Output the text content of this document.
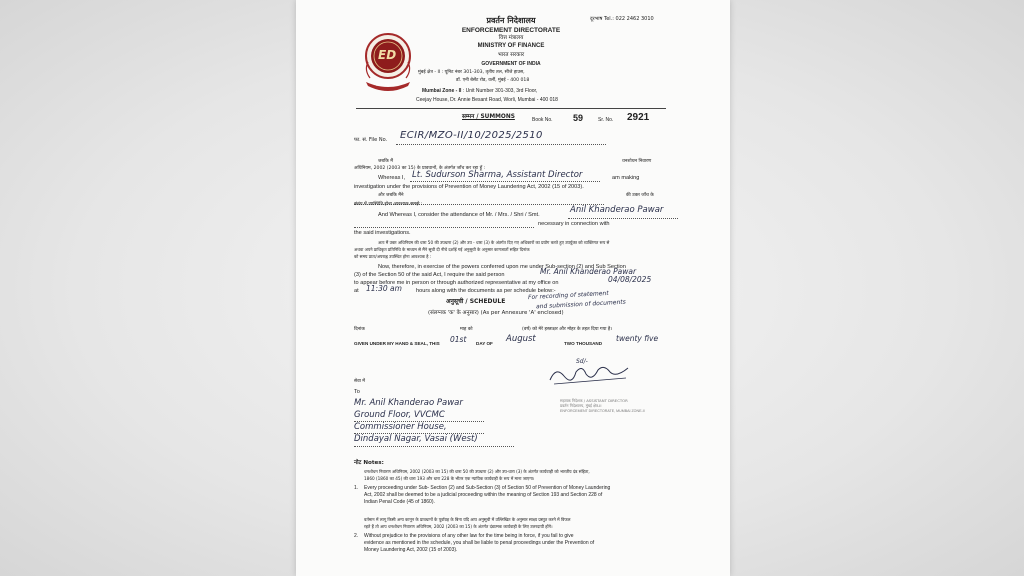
ED
प्रवर्तन निदेशालय
प्रवर्तन निदेशालय
ENFORCEMENT DIRECTORATE
वित्त मंत्रालय
MINISTRY OF FINANCE
भारत सरकार
GOVERNMENT OF INDIA
दूरभाष Tel.: 022 2462 3010
मुंबई क्षेत्र - II : यूनिट नंबर 301-303, तृतीय तल, सीजे हाउस,
डॉ. एनी बेसेंट रोड, वर्ली, मुंबई - 400 018
Mumbai Zone - II : Unit Number 301-303, 3rd Floor,
Ceejay House, Dr. Annie Besant Road, Worli, Mumbai - 400 018
सम्मन / SUMMONS	Book No. 59	Sr. No. 2921
फा. सं. File No. ECIR/MZO-II/10/2025/2510
जबकि मैं	धनशोधन निवारण
अधिनियम, 2002 (2003 का 15) के प्रावधानों, के अंतर्गत जाँच कर रहा हूँ :
Whereas I, Lt. Sudurson Sharma, Assistant Director	am making
investigation under the provisions of Prevention of Money Laundering Act, 2002 (15 of 2003).
और जबकि मैंने	की उक्त जाँच के
संबंध में उपस्थिति होना आवश्यक समझे :
And Whereas I, consider the attendance of Mr. / Mrs. / Shri / Smt.	Anil Khanderao Pawar
necessary in connection with
the said investigations.
अतः मैं उक्त अधिनियम की धारा 50 की उपधारा (2) और उप - धारा (3) के अंतर्गत दिए गए अधिकारों का प्रयोग करते हुए उपर्युक्त को व्यक्तिगत रूप से
अथवा अपने प्राधिकृत प्रतिनिधि के माध्यम से मैंने सूची दी नीचे दर्शाई गई अनुसूची के अनुसार कागजातों सहित दिनांक
को समय प्रातः/अपराह्न उपस्थित होना आवश्यक है :
Now, therefore, in exercise of the powers conferred upon me under Sub-section (2) and Sub Section
(3) of the Section 50 of the said Act, I require the said person	Mr. Anil Khanderao Pawar
to appear before me in person or through authorized representative at my office on	04/08/2025
at 11:30 am	hours along with the documents as per schedule below:-
अनुसूची / SCHEDULE
For recording of statement
and submission of documents
(संलग्नक 'क' के अनुसार) (As per Annexure 'A' enclosed)
दिनांक	माह को	(वर्ष) को मेरे हस्ताक्षर और मोहर के तहत दिया गया है।
GIVEN UNDER MY HAND & SEAL, THIS 01st DAY OF August	TWO THOUSAND
twenty five
Sd/-
सहायक निदेशक / ASSISTANT DIRECTOR
प्रवर्तन निदेशालय, मुंबई क्षेत्र-II
ENFORCEMENT DIRECTORATE, MUMBAI ZONE-II
सेवा में
To
Mr. Anil Khanderao Pawar
Ground Floor, VVCMC
Commissioner House,
Dindayal Nagar, Vasai (West)
नोट Notes:
धनशोधन निवारण अधिनियम, 2002 (2003 का 15) की धारा 50 की उपधारा (2) और उप-धारा (3) के अंतर्गत कार्यवाही को भारतीय दंड संहिता,
1860 (1860 का 45) की धारा 193 और धारा 228 के भीतर एक न्यायिक कार्यवाही के रूप में माना जाएगा।
1. Every proceeding under Sub- Section (2) and Sub-Section (3) of Section 50 of Prevention of Money Laundering
Act, 2002 shall be deemed to be a judicial proceeding within the meaning of Section 193 and Section 228 of
Indian Penal Code (45 of 1860).
वर्तमान में लागू किसी अन्य कानून के प्रावधानों के पूर्वाग्रह के बिना यदि आप अनुसूची में उल्लिखित के अनुसार साक्ष्य प्रस्तुत करने में विफल
रहते हैं तो आप धनशोधन निवारण अधिनियम, 2002 (2003 का 15) के अंतर्गत दंडात्मक कार्यवाही के लिए उत्तरदायी होंगे।
2. Without prejudice to the provisions of any other law for the time being in force, if you fail to give
evidence as mentioned in the schedule, you shall be liable to penal proceedings under the Prevention of
Money Laundering Act, 2002 (15 of 2003).
